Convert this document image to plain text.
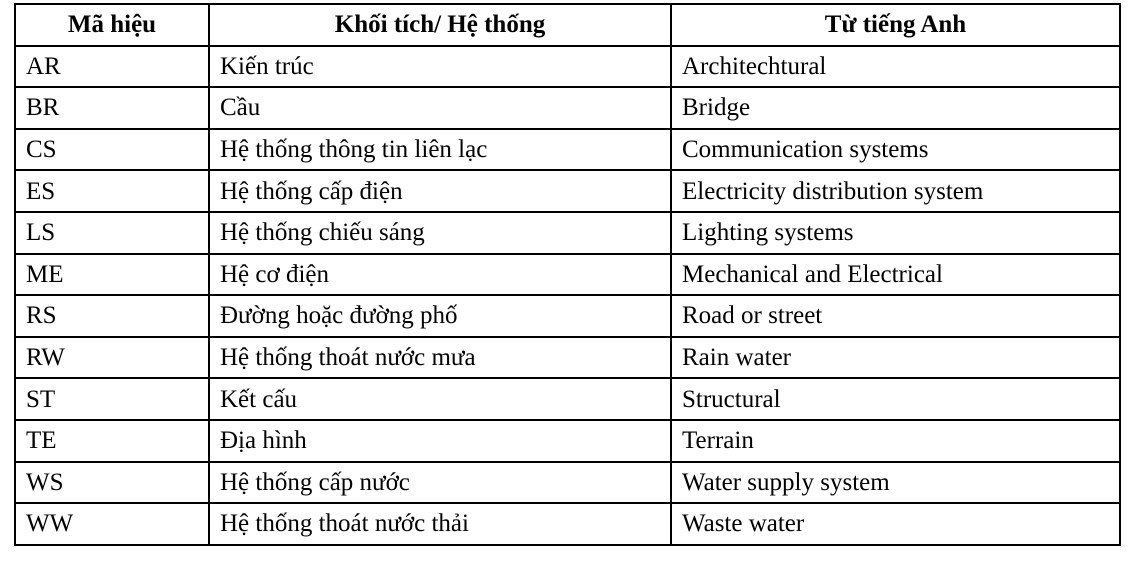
Mã hiệu	Khối tích/ Hệ thống	Từ tiếng Anh
AR	Kiến trúc	Architechtural
BR	Cầu	Bridge
CS	Hệ thống thông tin liên lạc	Communication systems
ES	Hệ thống cấp điện	Electricity distribution system
LS	Hệ thống chiếu sáng	Lighting systems
ME	Hệ cơ điện	Mechanical and Electrical
RS	Đường hoặc đường phố	Road or street
RW	Hệ thống thoát nước mưa	Rain water
ST	Kết cấu	Structural
TE	Địa hình	Terrain
WS	Hệ thống cấp nước	Water supply system
WW	Hệ thống thoát nước thải	Waste water
